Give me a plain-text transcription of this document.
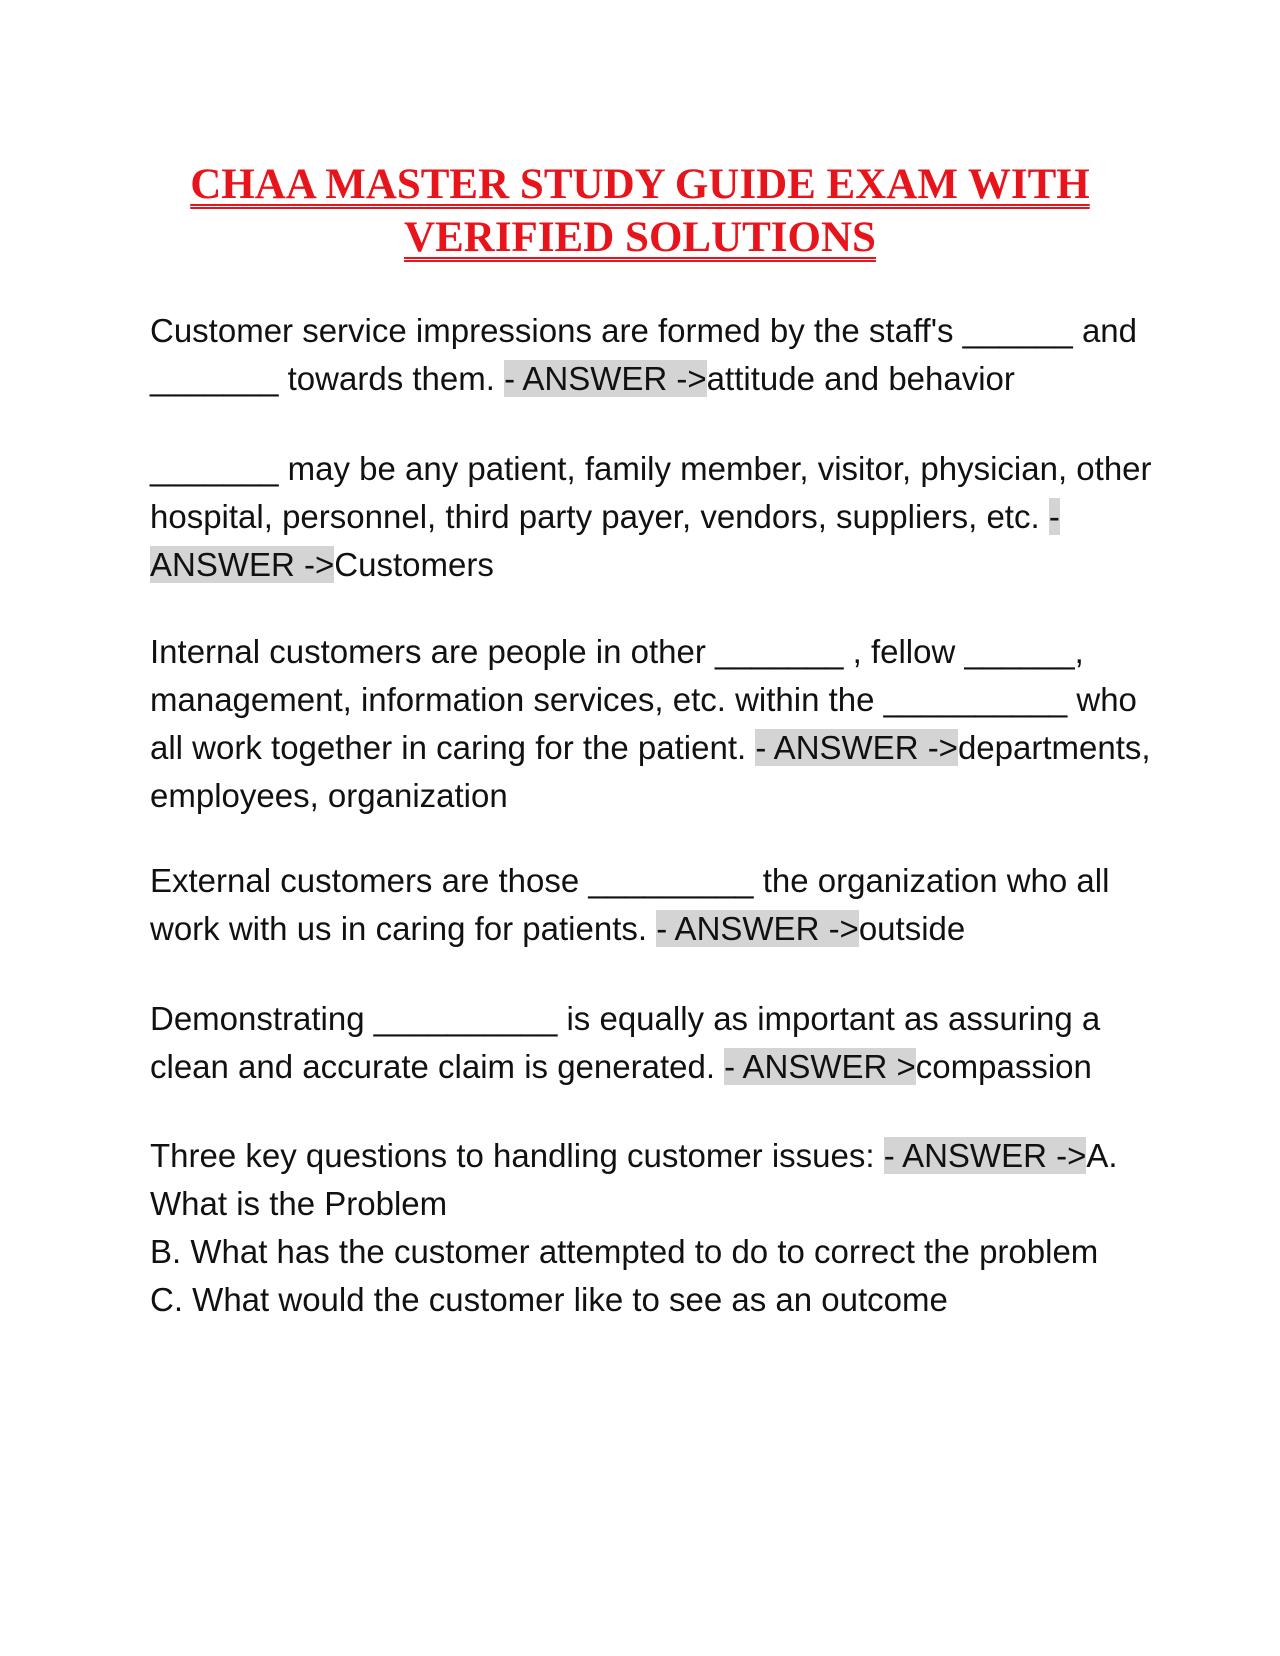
CHAA MASTER STUDY GUIDE EXAM WITH
VERIFIED SOLUTIONS
Customer service impressions are formed by the staff's ______ and _______ towards them. - ANSWER ->attitude and behavior
_______ may be any patient, family member, visitor, physician, other hospital, personnel, third party payer, vendors, suppliers, etc. - ANSWER ->Customers
Internal customers are people in other _______ , fellow ______, management, information services, etc. within the __________ who all work together in caring for the patient. - ANSWER ->departments, employees, organization
External customers are those _________ the organization who all work with us in caring for patients. - ANSWER ->outside
Demonstrating __________ is equally as important as assuring a clean and accurate claim is generated. - ANSWER >compassion
Three key questions to handling customer issues: - ANSWER ->A. What is the Problem
B. What has the customer attempted to do to correct the problem
C. What would the customer like to see as an outcome
